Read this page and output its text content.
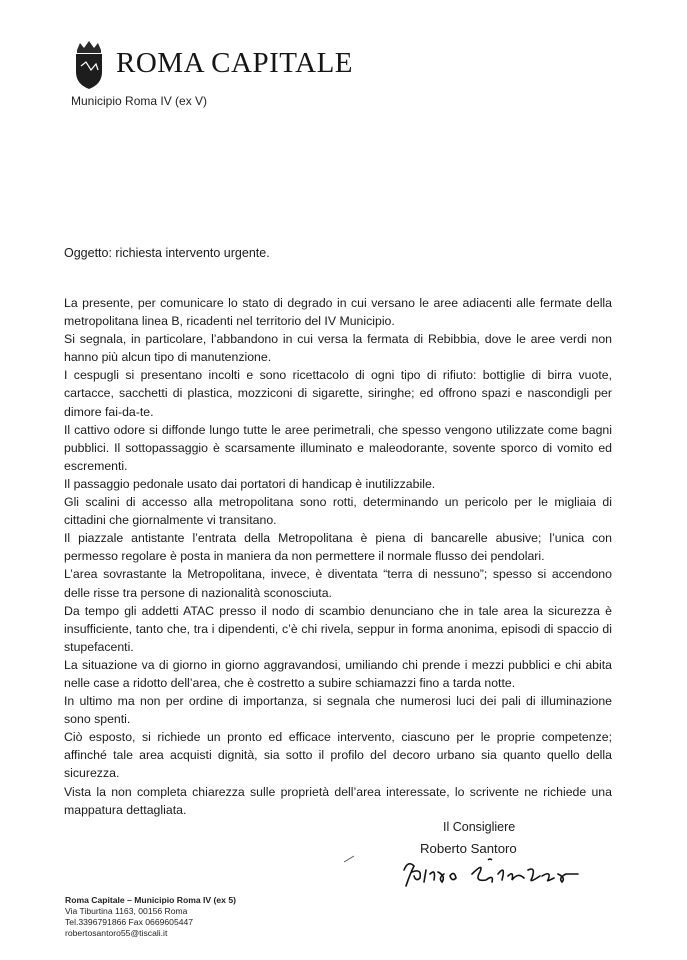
ROMA CAPITALE
Municipio Roma IV (ex V)
Oggetto: richiesta intervento urgente.

La presente, per comunicare lo stato di degrado in cui versano le aree adiacenti alle fermate della metropolitana linea B, ricadenti nel territorio del IV Municipio.

Si segnala, in particolare, l’abbandono in cui versa la fermata di Rebibbia, dove le aree verdi non hanno più alcun tipo di manutenzione.

I cespugli si presentano incolti e sono ricettacolo di ogni tipo di rifiuto: bottiglie di birra vuote, cartacce, sacchetti di plastica, mozziconi di sigarette, siringhe; ed offrono spazi e nascondigli per dimore fai-da-te.

Il cattivo odore si diffonde lungo tutte le aree perimetrali, che spesso vengono utilizzate come bagni pubblici. Il sottopassaggio è scarsamente illuminato e maleodorante, sovente sporco di vomito ed escrementi.

Il passaggio pedonale usato dai portatori di handicap è inutilizzabile.

Gli scalini di accesso alla metropolitana sono rotti, determinando un pericolo per le migliaia di cittadini che giornalmente vi transitano.

Il piazzale antistante l’entrata della Metropolitana è piena di bancarelle abusive; l’unica con permesso regolare è posta in maniera da non permettere il normale flusso dei pendolari.

L’area sovrastante la Metropolitana, invece, è diventata “terra di nessuno”; spesso si accendono delle risse tra persone di nazionalità sconosciuta.

Da tempo gli addetti ATAC presso il nodo di scambio denunciano che in tale area la sicurezza è insufficiente, tanto che, tra i dipendenti, c’è chi rivela, seppur in forma anonima, episodi di spaccio di stupefacenti.

La situazione va di giorno in giorno aggravandosi, umiliando chi prende i mezzi pubblici e chi abita nelle case a ridotto dell’area, che è costretto a subire schiamazzi fino a tarda notte.

In ultimo ma non per ordine di importanza, si segnala che numerosi luci dei pali di illuminazione sono spenti.

Ciò esposto, si richiede un pronto ed efficace intervento, ciascuno per le proprie competenze; affinché tale area acquisti dignità, sia sotto il profilo del decoro urbano sia quanto quello della sicurezza.

Vista la non completa chiarezza sulle proprietà dell’area interessate, lo scrivente ne richiede una mappatura dettagliata.

Il Consigliere
Roberto Santoro
Roma Capitale – Municipio Roma IV (ex 5)
Via Tiburtina 1163, 00156 Roma
Tel.3396791866 Fax 0669605447
robertosantoro55@tiscali.it
